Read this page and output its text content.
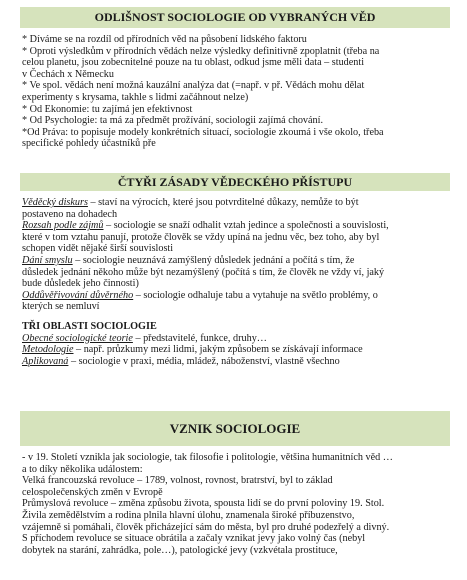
ODLIŠNOST SOCIOLOGIE OD VYBRANÝCH VĚD

* Díváme se na rozdíl od přírodních věd na působení lidského faktoru

* Oproti výsledkům v přírodních vědách nelze výsledky definitivně zpoplatnit (třeba na

celou planetu, jsou zobecnitelné pouze na tu oblast, odkud jsme měli data – studenti

v Čechách x Německu

* Ve spol. vědách není možná kauzální analýza dat (=např. v př. Vědách mohu dělat

experimenty s krysama, takhle s lidmi začáhnout nelze)

* Od Ekonomie: tu zajímá jen efektivnost

* Od Psychologie: ta má za předmět prožívání, sociologii zajímá chování.

*Od Práva: to popisuje modely konkrétních situací, sociologie zkoumá i vše okolo, třeba

specifické pohledy účastníků pře

ČTYŘI ZÁSADY VĚDECKÉHO PŘÍSTUPU

Věděcký diskurs – staví na výrocích, které jsou potvrditelné důkazy, nemůže to být

postaveno na dohadech

Rozsah podle zájmů – sociologie se snaží odhalit vztah jedince a společnosti a souvislosti,

které v tom vztahu panují, protože člověk se vždy upíná na jednu věc, bez toho, aby byl

schopen vidět nějaké širší souvislosti

Dání smyslu – sociologie neuznává zamýšlený důsledek jednání a počítá s tím, že

důsledek jednání někoho může být nezamýšlený (počítá s tím, že člověk ne vždy ví, jaký

bude důsledek jeho činnosti)

Oddůvěřivování důvěrného – sociologie odhaluje tabu a vytahuje na světlo problémy, o

kterých se nemluví

TŘI OBLASTI SOCIOLOGIE

Obecné sociologické teorie – představitelé, funkce, druhy…

Metodologie – např. průzkumy mezi lidmi, jakým způsobem se získávají informace

Aplikovaná – sociologie v praxi, média, mládež, náboženství, vlastně všechno

VZNIK SOCIOLOGIE

- v 19. Století vznikla jak sociologie, tak filosofie i politologie, většina humanitních věd …

a to díky několika událostem:

Velká francouzská revoluce – 1789, volnost, rovnost, bratrství, byl to základ

celospolečenských změn v Evropě

Průmyslová revoluce – změna způsobu života, spousta lidí se do první poloviny 19. Stol.

Živila zemědělstvím a rodina plnila hlavní úlohu, znamenala široké příbuzenstvo,

vzájemně si pomáhali, člověk přicházející sám do města, byl pro druhé podezřelý a divný.

S příchodem revoluce se situace obrátila a začaly vznikat jevy jako volný čas (nebyl

dobytek na starání, zahrádka, pole…), patologické jevy (vzkvétala prostituce,
